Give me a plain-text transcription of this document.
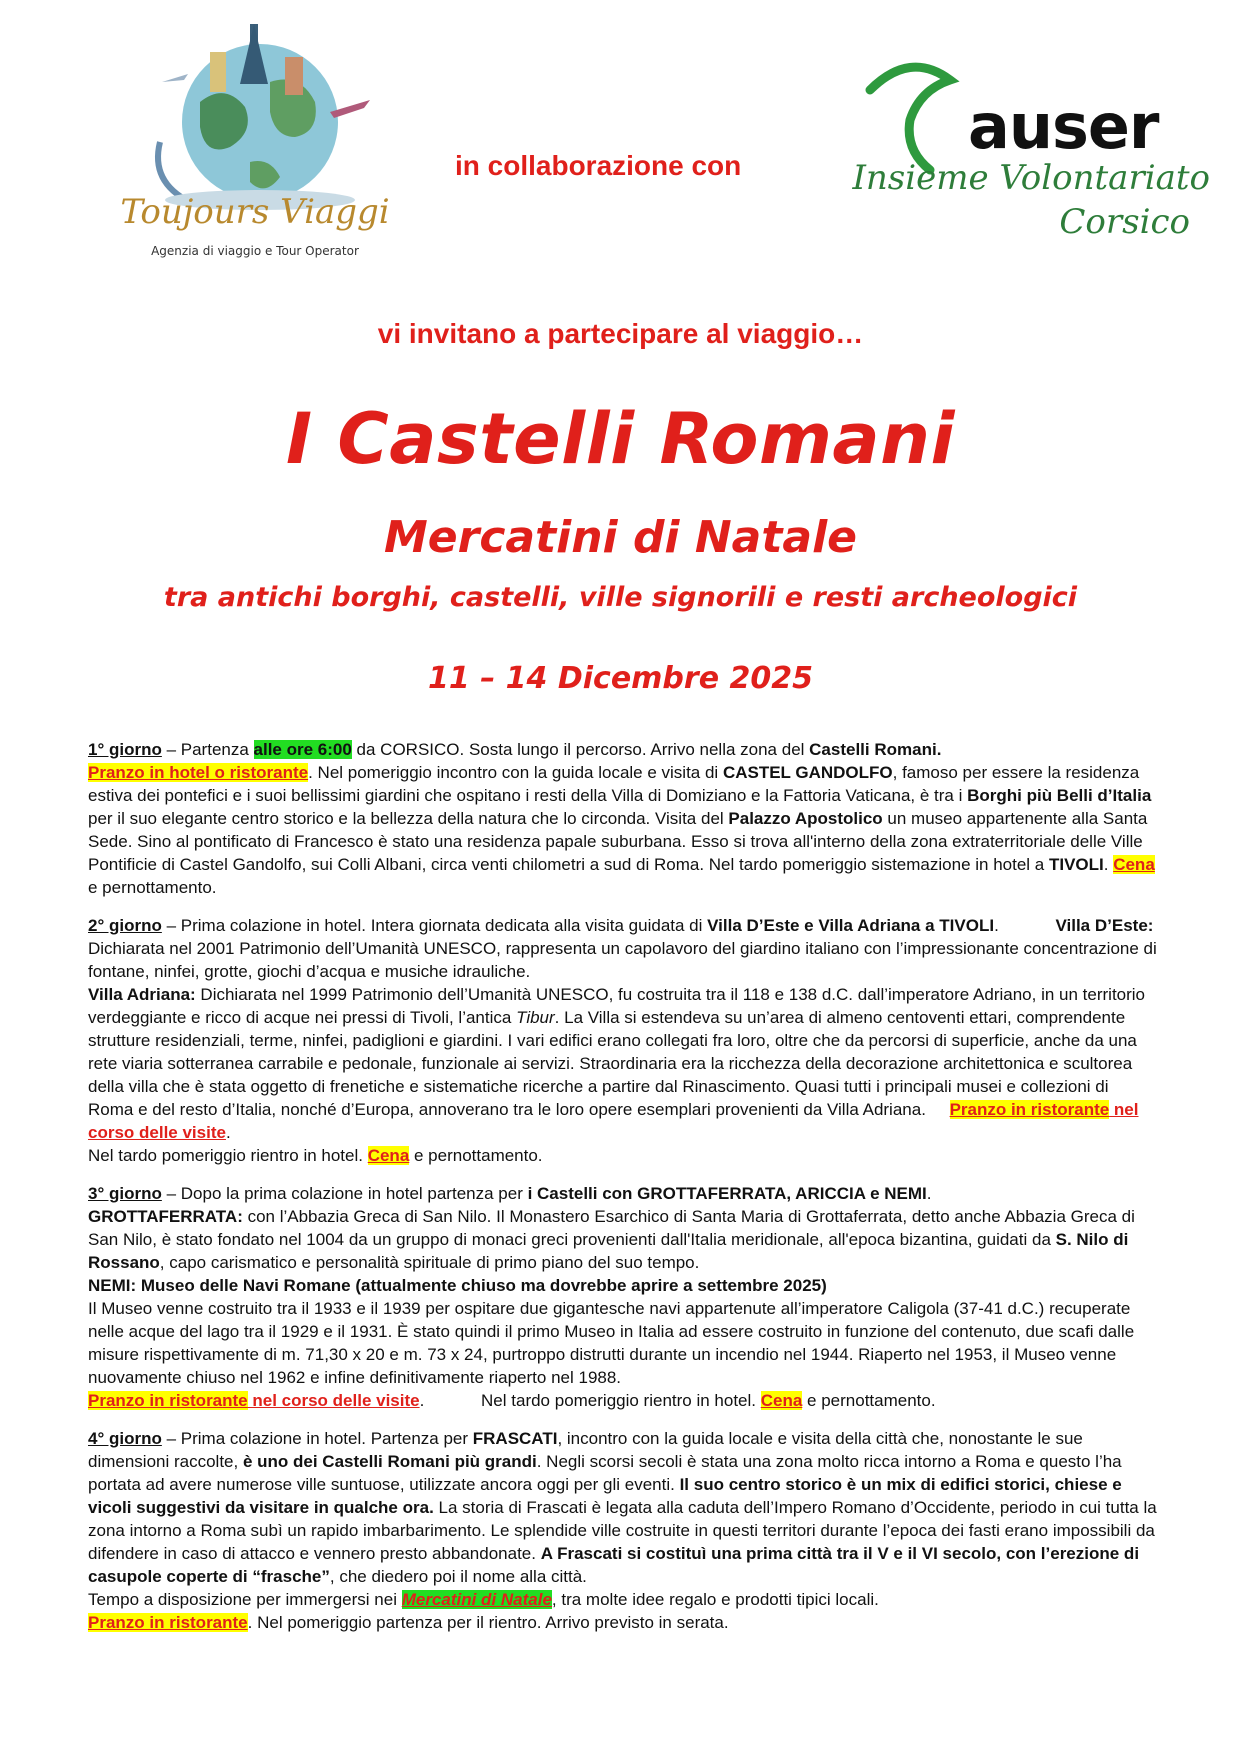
Toujours Viaggi
Agenzia di viaggio e Tour Operator
in collaborazione con
auser
Insieme Volontariato
Corsico
vi invitano a partecipare al viaggio…
I Castelli Romani
Mercatini di Natale
tra antichi borghi, castelli, ville signorili e resti archeologici
11 – 14 Dicembre 2025

1° giorno – Partenza alle ore 6:00 da CORSICO. Sosta lungo il percorso. Arrivo nella zona del Castelli Romani.
Pranzo in hotel o ristorante. Nel pomeriggio incontro con la guida locale e visita di CASTEL GANDOLFO, famoso per essere la residenza estiva dei pontefici e i suoi bellissimi giardini che ospitano i resti della Villa di Domiziano e la Fattoria Vaticana, è tra i Borghi più Belli d’Italia per il suo elegante centro storico e la bellezza della natura che lo circonda. Visita del Palazzo Apostolico un museo appartenente alla Santa Sede. Sino al pontificato di Francesco è stato una residenza papale suburbana. Esso si trova all'interno della zona extraterritoriale delle Ville Pontificie di Castel Gandolfo, sui Colli Albani, circa venti chilometri a sud di Roma. Nel tardo pomeriggio sistemazione in hotel a TIVOLI. Cena e pernottamento.

2° giorno – Prima colazione in hotel. Intera giornata dedicata alla visita guidata di Villa D’Este e Villa Adriana a TIVOLI.	Villa D’Este: Dichiarata nel 2001 Patrimonio dell’Umanità UNESCO, rappresenta un capolavoro del giardino italiano con l’impressionante concentrazione di fontane, ninfei, grotte, giochi d’acqua e musiche idrauliche.
Villa Adriana: Dichiarata nel 1999 Patrimonio dell’Umanità UNESCO, fu costruita tra il 118 e 138 d.C. dall’imperatore Adriano, in un territorio verdeggiante e ricco di acque nei pressi di Tivoli, l’antica Tibur. La Villa si estendeva su un’area di almeno centoventi ettari, comprendente strutture residenziali, terme, ninfei, padiglioni e giardini. I vari edifici erano collegati fra loro, oltre che da percorsi di superficie, anche da una rete viaria sotterranea carrabile e pedonale, funzionale ai servizi. Straordinaria era la ricchezza della decorazione architettonica e scultorea della villa che è stata oggetto di frenetiche e sistematiche ricerche a partire dal Rinascimento. Quasi tutti i principali musei e collezioni di Roma e del resto d’Italia, nonché d’Europa, annoverano tra le loro opere esemplari provenienti da Villa Adriana. Pranzo in ristorante nel corso delle visite.
Nel tardo pomeriggio rientro in hotel. Cena e pernottamento.

3° giorno – Dopo la prima colazione in hotel partenza per i Castelli con GROTTAFERRATA, ARICCIA e NEMI.
GROTTAFERRATA: con l’Abbazia Greca di San Nilo. Il Monastero Esarchico di Santa Maria di Grottaferrata, detto anche Abbazia Greca di San Nilo, è stato fondato nel 1004 da un gruppo di monaci greci provenienti dall'Italia meridionale, all'epoca bizantina, guidati da S. Nilo di Rossano, capo carismatico e personalità spirituale di primo piano del suo tempo.
NEMI: Museo delle Navi Romane (attualmente chiuso ma dovrebbe aprire a settembre 2025)
Il Museo venne costruito tra il 1933 e il 1939 per ospitare due gigantesche navi appartenute all’imperatore Caligola (37-41 d.C.) recuperate nelle acque del lago tra il 1929 e il 1931. È stato quindi il primo Museo in Italia ad essere costruito in funzione del contenuto, due scafi dalle misure rispettivamente di m. 71,30 x 20 e m. 73 x 24, purtroppo distrutti durante un incendio nel 1944. Riaperto nel 1953, il Museo venne nuovamente chiuso nel 1962 e infine definitivamente riaperto nel 1988.
Pranzo in ristorante nel corso delle visite.	Nel tardo pomeriggio rientro in hotel. Cena e pernottamento.

4° giorno – Prima colazione in hotel. Partenza per FRASCATI, incontro con la guida locale e visita della città che, nonostante le sue dimensioni raccolte, è uno dei Castelli Romani più grandi. Negli scorsi secoli è stata una zona molto ricca intorno a Roma e questo l’ha portata ad avere numerose ville suntuose, utilizzate ancora oggi per gli eventi. Il suo centro storico è un mix di edifici storici, chiese e vicoli suggestivi da visitare in qualche ora. La storia di Frascati è legata alla caduta dell’Impero Romano d’Occidente, periodo in cui tutta la zona intorno a Roma subì un rapido imbarbarimento. Le splendide ville costruite in questi territori durante l’epoca dei fasti erano impossibili da difendere in caso di attacco e vennero presto abbandonate. A Frascati si costituì una prima città tra il V e il VI secolo, con l’erezione di casupole coperte di “frasche”, che diedero poi il nome alla città.
Tempo a disposizione per immergersi nei Mercatini di Natale, tra molte idee regalo e prodotti tipici locali.
Pranzo in ristorante. Nel pomeriggio partenza per il rientro. Arrivo previsto in serata.
